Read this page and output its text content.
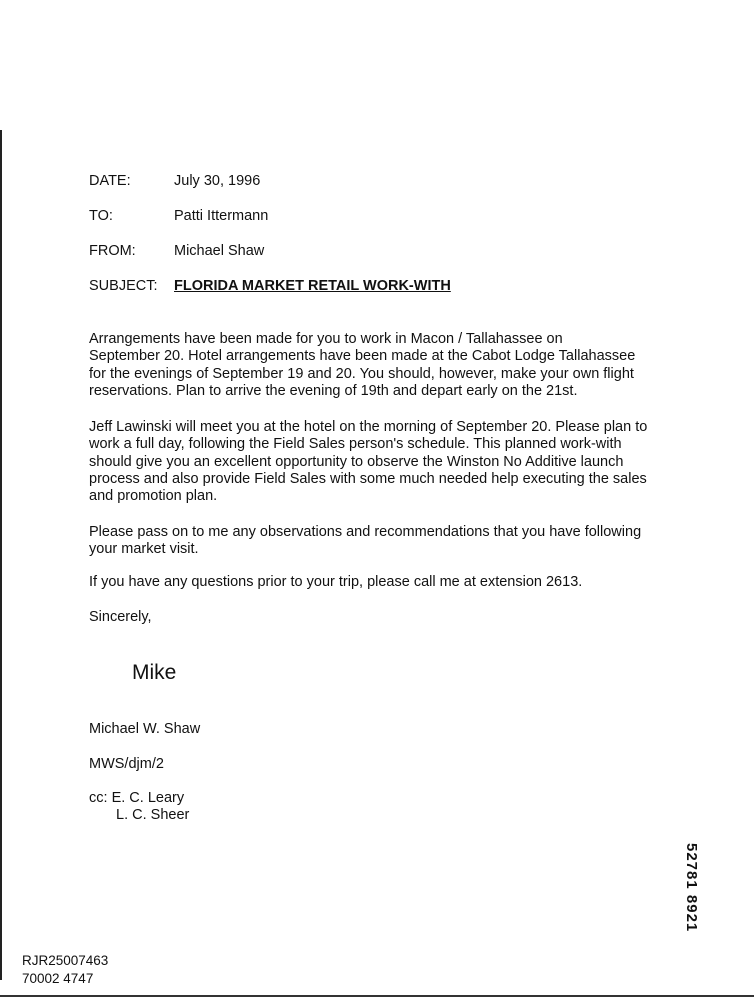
DATE:	July 30, 1996
TO:	Patti Ittermann
FROM:	Michael Shaw
SUBJECT: FLORIDA MARKET RETAIL WORK-WITH

Arrangements have been made for you to work in Macon / Tallahassee on
September 20. Hotel arrangements have been made at the Cabot Lodge Tallahassee
for the evenings of September 19 and 20. You should, however, make your own flight
reservations. Plan to arrive the evening of 19th and depart early on the 21st.

Jeff Lawinski will meet you at the hotel on the morning of September 20. Please plan to
work a full day, following the Field Sales person's schedule. This planned work-with
should give you an excellent opportunity to observe the Winston No Additive launch
process and also provide Field Sales with some much needed help executing the sales
and promotion plan.

Please pass on to me any observations and recommendations that you have following
your market visit.

If you have any questions prior to your trip, please call me at extension 2613.

Sincerely,

Mike

Michael W. Shaw

MWS/djm/2

cc: E. C. Leary
L. C. Sheer
52781 8921
RJR25007463
70002 4747
